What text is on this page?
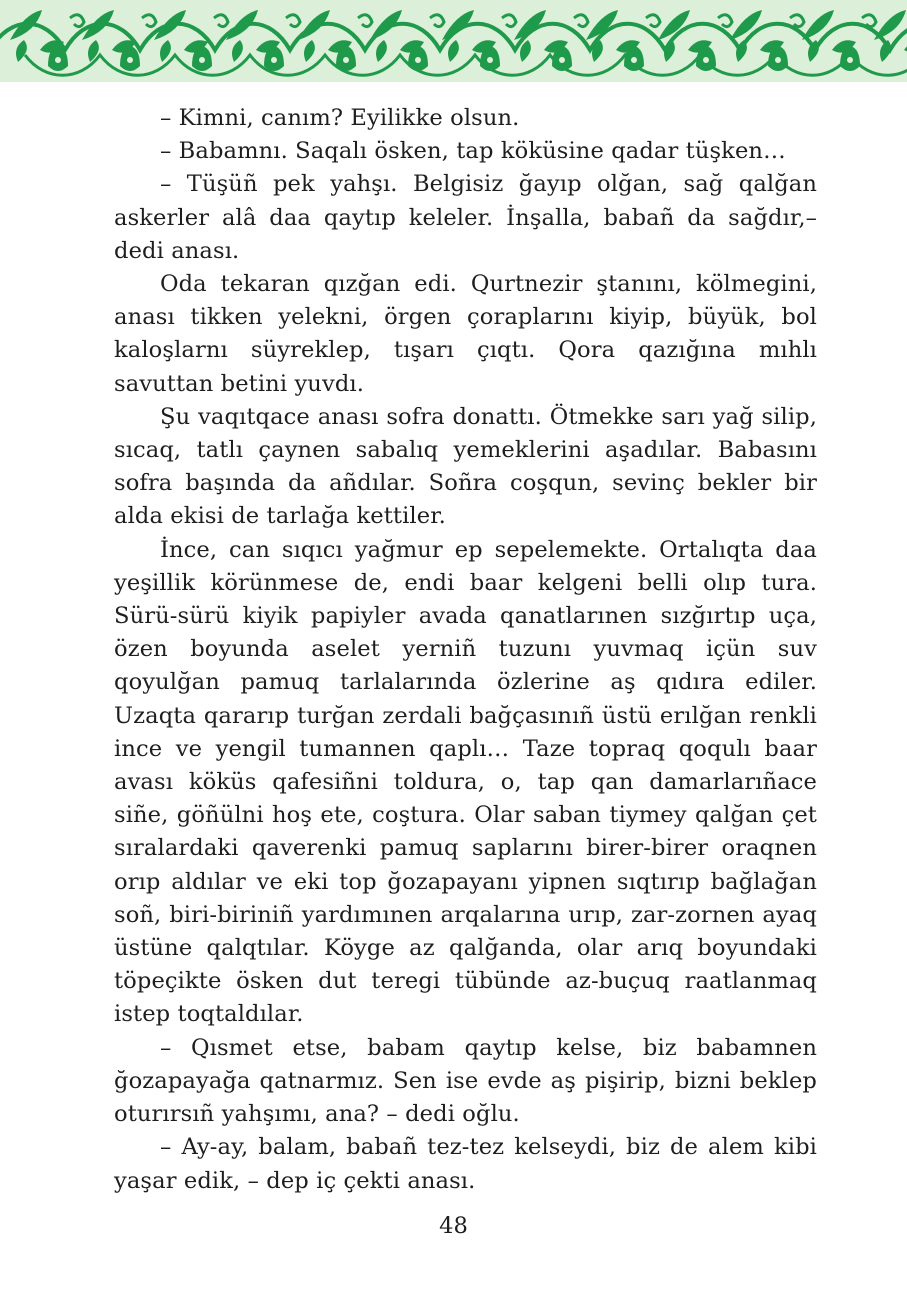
– Kimni, canım? Eyilikke olsun.

– Babamnı. Saqalı ösken, tap köküsine qadar tüşken…

– Tüşüñ pek yahşı. Belgisiz ğayıp olğan, sağ qalğan askerler alâ daa qaytıp keleler. İnşalla, babañ da sağdır,– dedi anası.

Oda tekaran qızğan edi. Qurtnezir ştanını, kölmegini, anası tikken yelekni, örgen çoraplarını kiyip, büyük, bol kaloşlarnı süyreklep, tışarı çıqtı. Qora qazığına mıhlı savuttan betini yuvdı.

Şu vaqıtqace anası sofra donattı. Ötmekke sarı yağ silip, sıcaq, tatlı çaynen sabalıq yemeklerini aşadılar. Babasını sofra başında da añdılar. Soñra coşqun, sevinç bekler bir alda ekisi de tarlağa kettiler.

İnce, can sıqıcı yağmur ep sepelemekte. Ortalıqta daa yeşillik körünmese de, endi baar kelgeni belli olıp tura. Sürü-sürü kiyik papiyler avada qanatlarınen sızğırtıp uça, özen boyunda aselet yerniñ tuzunı yuvmaq içün suv qoyulğan pamuq tarlalarında özlerine aş qıdıra ediler. Uzaqta qararıp turğan zerdali bağçasınıñ üstü erılğan renkli ince ve yengil tumannen qaplı… Taze topraq qoqulı baar avası köküs qafesiñni toldura, o, tap qan damarlarıñace siñe, göñülni hoş ete, coştura. Olar saban tiymey qalğan çet sıralardaki qaverenki pamuq saplarını birer-birer oraqnen orıp aldılar ve eki top ğozapayanı yipnen sıqtırıp bağlağan soñ, biri-biriniñ yardımınen arqalarına urıp, zar-zornen ayaq üstüne qalqtılar. Köyge az qalğanda, olar arıq boyundaki töpeçikte ösken dut teregi tübünde az-buçuq raatlanmaq istep toqtaldılar.

– Qısmet etse, babam qaytıp kelse, biz babamnen ğozapayağa qatnarmız. Sen ise evde aş pişirip, bizni beklep oturırsıñ yahşımı, ana? – dedi oğlu.

– Ay-ay, balam, babañ tez-tez kelseydi, biz de alem kibi yaşar edik, – dep iç çekti anası.

48
